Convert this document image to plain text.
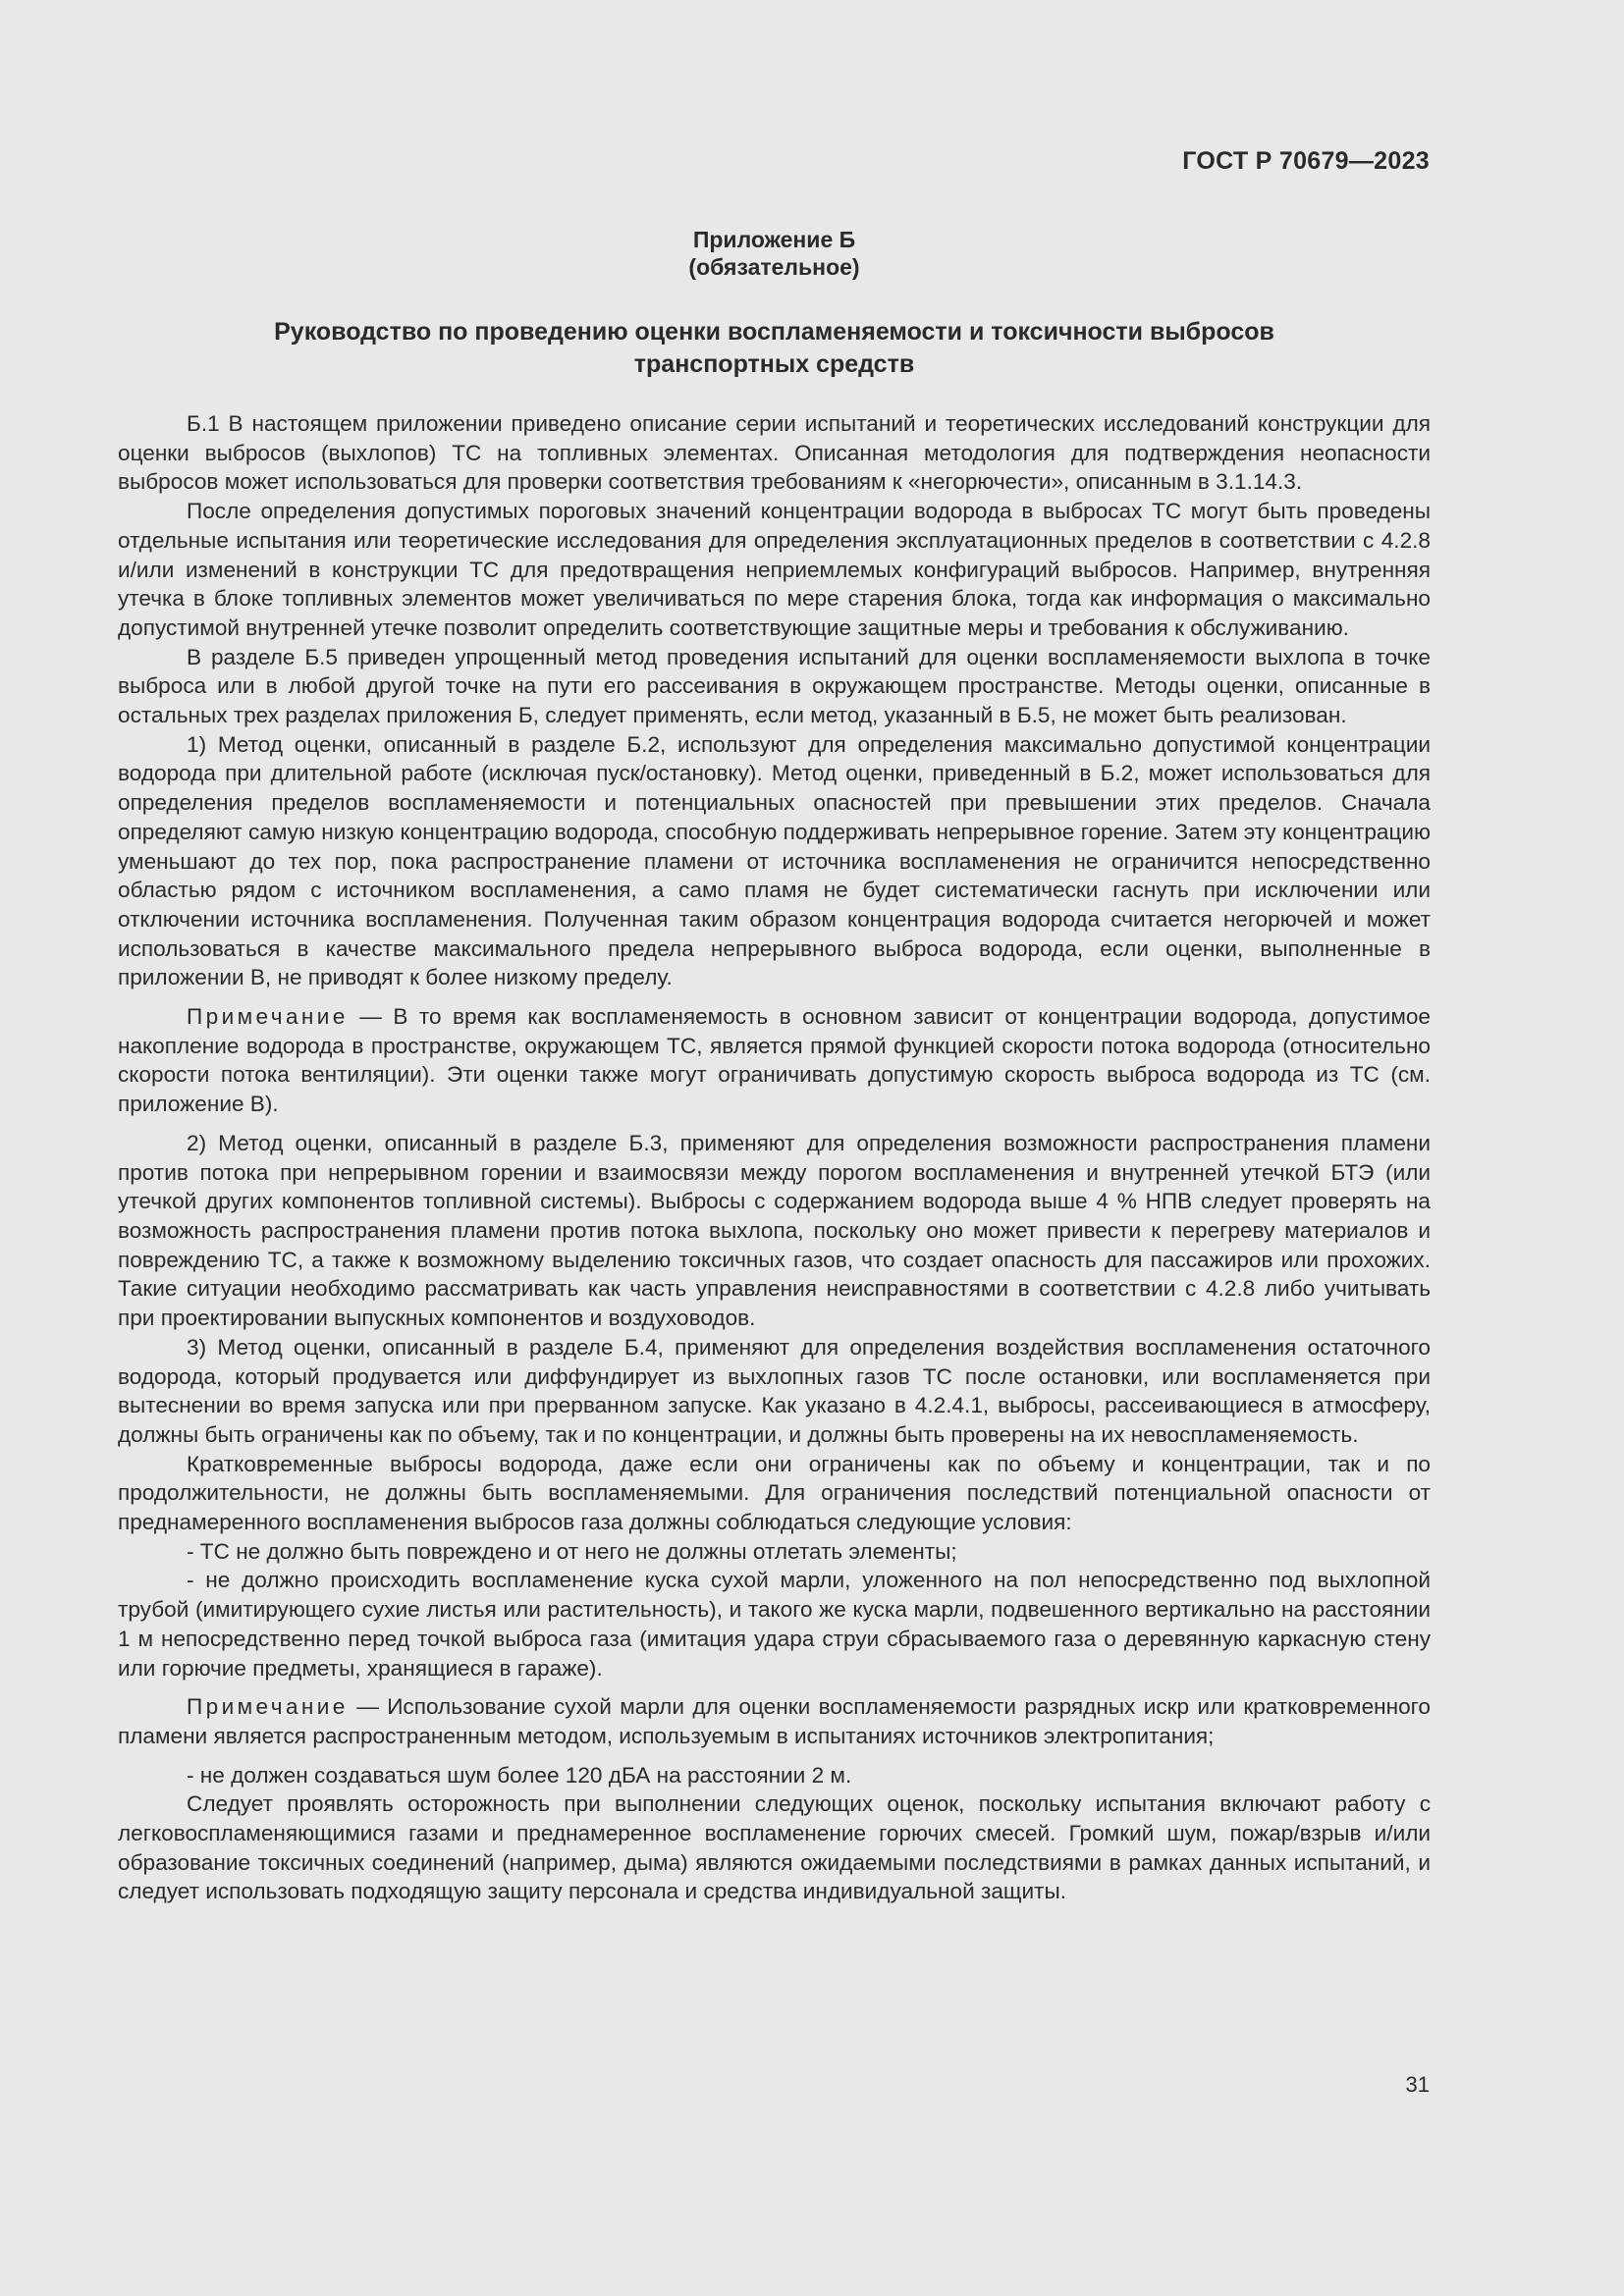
ГОСТ Р 70679—2023
Приложение Б
(обязательное)
Руководство по проведению оценки воспламеняемости и токсичности выбросов
транспортных средств

Б.1 В настоящем приложении приведено описание серии испытаний и теоретических исследований конструкции для оценки выбросов (выхлопов) ТС на топливных элементах. Описанная методология для подтверждения неопасности выбросов может использоваться для проверки соответствия требованиям к «негорючести», описанным в 3.1.14.3.

После определения допустимых пороговых значений концентрации водорода в выбросах ТС могут быть проведены отдельные испытания или теоретические исследования для определения эксплуатационных пределов в соответствии с 4.2.8 и/или изменений в конструкции ТС для предотвращения неприемлемых конфигураций выбросов. Например, внутренняя утечка в блоке топливных элементов может увеличиваться по мере старения блока, тогда как информация о максимально допустимой внутренней утечке позволит определить соответствующие защитные меры и требования к обслуживанию.

В разделе Б.5 приведен упрощенный метод проведения испытаний для оценки воспламеняемости выхлопа в точке выброса или в любой другой точке на пути его рассеивания в окружающем пространстве. Методы оценки, описанные в остальных трех разделах приложения Б, следует применять, если метод, указанный в Б.5, не может быть реализован.

1) Метод оценки, описанный в разделе Б.2, используют для определения максимально допустимой концентрации водорода при длительной работе (исключая пуск/остановку). Метод оценки, приведенный в Б.2, может использоваться для определения пределов воспламеняемости и потенциальных опасностей при превышении этих пределов. Сначала определяют самую низкую концентрацию водорода, способную поддерживать непрерывное горение. Затем эту концентрацию уменьшают до тех пор, пока распространение пламени от источника воспламенения не ограничится непосредственно областью рядом с источником воспламенения, а само пламя не будет систематически гаснуть при исключении или отключении источника воспламенения. Полученная таким образом концентрация водорода считается негорючей и может использоваться в качестве максимального предела непрерывного выброса водорода, если оценки, выполненные в приложении В, не приводят к более низкому пределу.

Примечание — В то время как воспламеняемость в основном зависит от концентрации водорода, допустимое накопление водорода в пространстве, окружающем ТС, является прямой функцией скорости потока водорода (относительно скорости потока вентиляции). Эти оценки также могут ограничивать допустимую скорость выброса водорода из ТС (см. приложение В).

2) Метод оценки, описанный в разделе Б.3, применяют для определения возможности распространения пламени против потока при непрерывном горении и взаимосвязи между порогом воспламенения и внутренней утечкой БТЭ (или утечкой других компонентов топливной системы). Выбросы с содержанием водорода выше 4 % НПВ следует проверять на возможность распространения пламени против потока выхлопа, поскольку оно может привести к перегреву материалов и повреждению ТС, а также к возможному выделению токсичных газов, что создает опасность для пассажиров или прохожих. Такие ситуации необходимо рассматривать как часть управления неисправностями в соответствии с 4.2.8 либо учитывать при проектировании выпускных компонентов и воздуховодов.

3) Метод оценки, описанный в разделе Б.4, применяют для определения воздействия воспламенения остаточного водорода, который продувается или диффундирует из выхлопных газов ТС после остановки, или воспламеняется при вытеснении во время запуска или при прерванном запуске. Как указано в 4.2.4.1, выбросы, рассеивающиеся в атмосферу, должны быть ограничены как по объему, так и по концентрации, и должны быть проверены на их невоспламеняемость.

Кратковременные выбросы водорода, даже если они ограничены как по объему и концентрации, так и по продолжительности, не должны быть воспламеняемыми. Для ограничения последствий потенциальной опасности от преднамеренного воспламенения выбросов газа должны соблюдаться следующие условия:

- ТС не должно быть повреждено и от него не должны отлетать элементы;

- не должно происходить воспламенение куска сухой марли, уложенного на пол непосредственно под выхлопной трубой (имитирующего сухие листья или растительность), и такого же куска марли, подвешенного вертикально на расстоянии 1 м непосредственно перед точкой выброса газа (имитация удара струи сбрасываемого газа о деревянную каркасную стену или горючие предметы, хранящиеся в гараже).

Примечание — Использование сухой марли для оценки воспламеняемости разрядных искр или кратковременного пламени является распространенным методом, используемым в испытаниях источников электропитания;

- не должен создаваться шум более 120 дБА на расстоянии 2 м.

Следует проявлять осторожность при выполнении следующих оценок, поскольку испытания включают работу с легковоспламеняющимися газами и преднамеренное воспламенение горючих смесей. Громкий шум, пожар/взрыв и/или образование токсичных соединений (например, дыма) являются ожидаемыми последствиями в рамках данных испытаний, и следует использовать подходящую защиту персонала и средства индивидуальной защиты.

31
